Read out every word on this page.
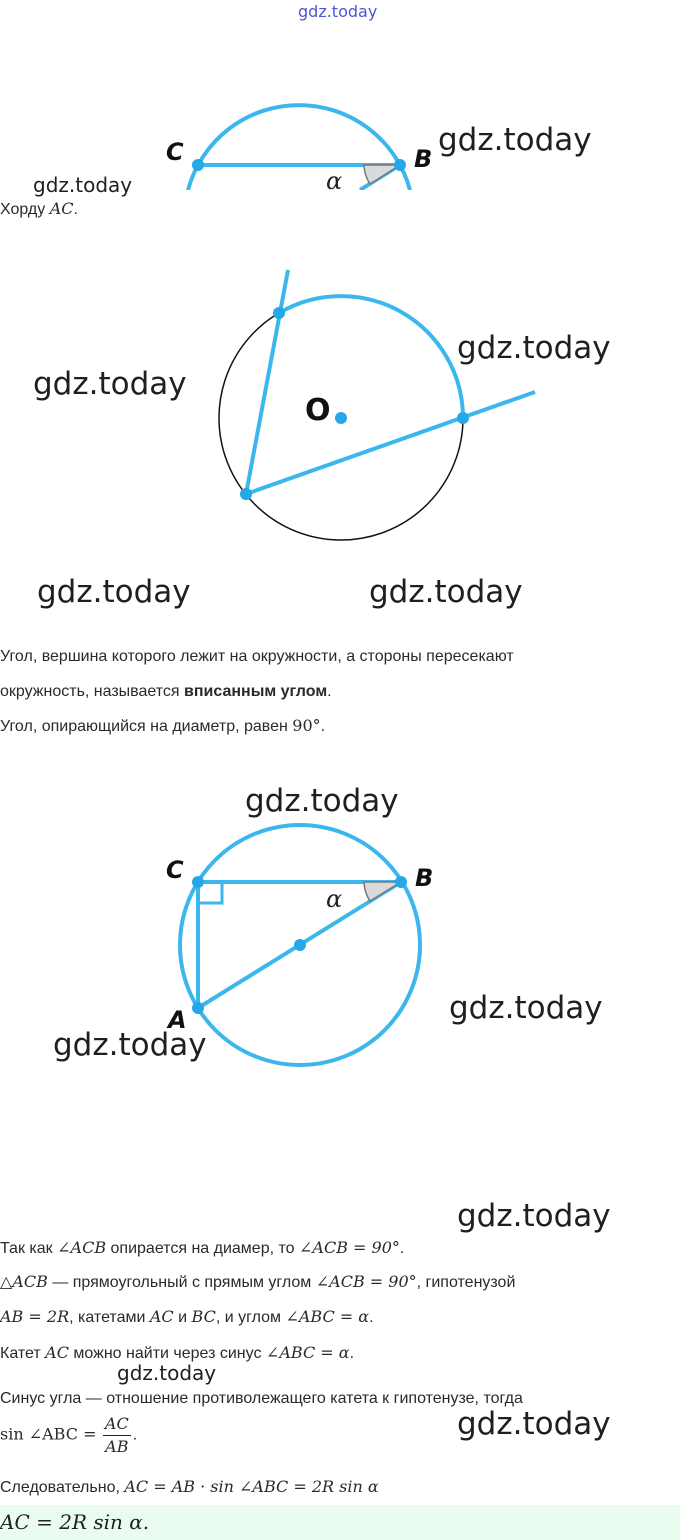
gdz.today
C	B
α
gdz.today
gdz.today
Хорду AC.
O
gdz.today
gdz.today
gdz.today	gdz.today
Угол, вершина которого лежит на окружности, а стороны пересекают
окружность, называется вписанным углом.
Угол, опирающийся на диаметр, равен 90°.
C	B
A
α
gdz.today
gdz.today
gdz.today
gdz.today
Так как ∠ACB опирается на диамер, то ∠ACB = 90°.
△ACB — прямоугольный с прямым углом ∠ACB = 90°, гипотенузой
AB = 2R, катетами AC и BC, и углом ∠ABC = α.
Катет AC можно найти через синус ∠ABC = α.
gdz.today
Синус угла — отношение противолежащего катета к гипотенузе, тогда
gdz.today
sin ∠ABC = $\frac{AC}{AB}$ .
Следовательно, AC = AB · sin ∠ABC = 2R sin α
AC = 2R sin α.
